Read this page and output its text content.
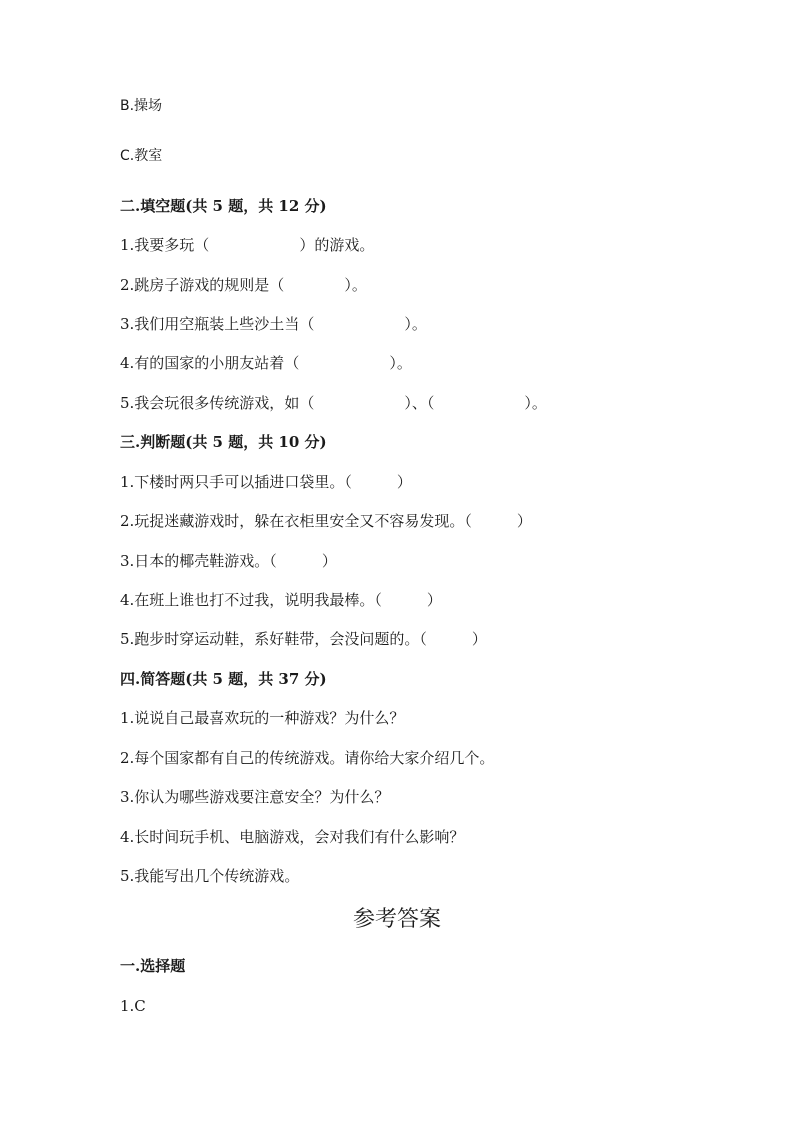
B.操场
C.教室
二.填空题(共 5 题，共 12 分)
1.我要多玩（　　　　　　）的游戏。
2.跳房子游戏的规则是（　　　　）。
3.我们用空瓶装上些沙土当（　　　　　　）。
4.有的国家的小朋友站着（　　　　　　）。
5.我会玩很多传统游戏，如（　　　　　　）、（　　　　　　）。
三.判断题(共 5 题，共 10 分)
1.下楼时两只手可以插进口袋里。（　　　）
2.玩捉迷藏游戏时，躲在衣柜里安全又不容易发现。（　　　）
3.日本的椰壳鞋游戏。（　　　）
4.在班上谁也打不过我，说明我最棒。（　　　）
5.跑步时穿运动鞋，系好鞋带，会没问题的。（　　　）
四.简答题(共 5 题，共 37 分)
1.说说自己最喜欢玩的一种游戏？为什么？
2.每个国家都有自己的传统游戏。请你给大家介绍几个。
3.你认为哪些游戏要注意安全？为什么？
4.长时间玩手机、电脑游戏，会对我们有什么影响？
5.我能写出几个传统游戏。
参考答案
一.选择题
1.C
